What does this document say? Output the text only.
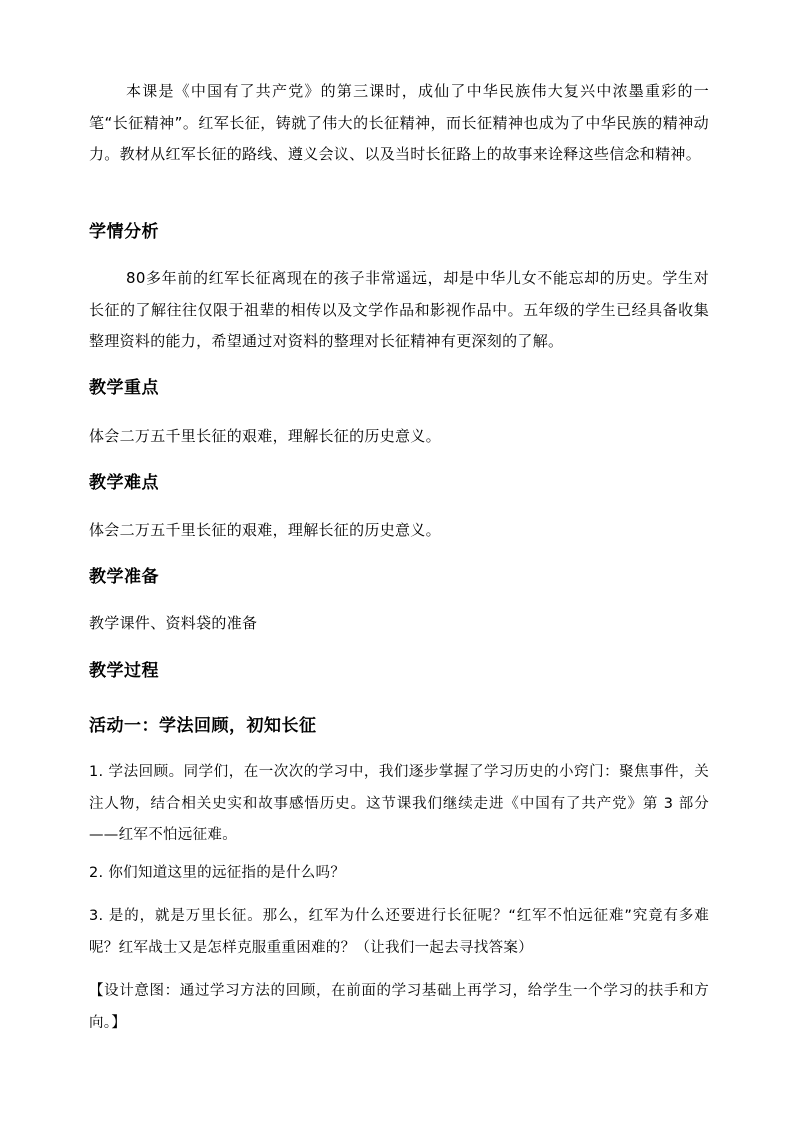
本课是《中国有了共产党》的第三课时，成仙了中华民族伟大复兴中浓墨重彩的一笔“长征精神”。红军长征，铸就了伟大的长征精神，而长征精神也成为了中华民族的精神动力。教材从红军长征的路线、遵义会议、以及当时长征路上的故事来诠释这些信念和精神。

学情分析

80多年前的红军长征离现在的孩子非常遥远，却是中华儿女不能忘却的历史。学生对长征的了解往往仅限于祖辈的相传以及文学作品和影视作品中。五年级的学生已经具备收集整理资料的能力，希望通过对资料的整理对长征精神有更深刻的了解。

教学重点

体会二万五千里长征的艰难，理解长征的历史意义。

教学难点

体会二万五千里长征的艰难，理解长征的历史意义。

教学准备

教学课件、资料袋的准备

教学过程

活动一：学法回顾，初知长征

1. 学法回顾。同学们，在一次次的学习中，我们逐步掌握了学习历史的小窍门：聚焦事件，关注人物，结合相关史实和故事感悟历史。这节课我们继续走进《中国有了共产党》第 3 部分——红军不怕远征难。

2. 你们知道这里的远征指的是什么吗？

3. 是的，就是万里长征。那么，红军为什么还要进行长征呢？“红军不怕远征难”究竟有多难呢？红军战士又是怎样克服重重困难的？（让我们一起去寻找答案）

【设计意图：通过学习方法的回顾，在前面的学习基础上再学习，给学生一个学习的扶手和方向。】
